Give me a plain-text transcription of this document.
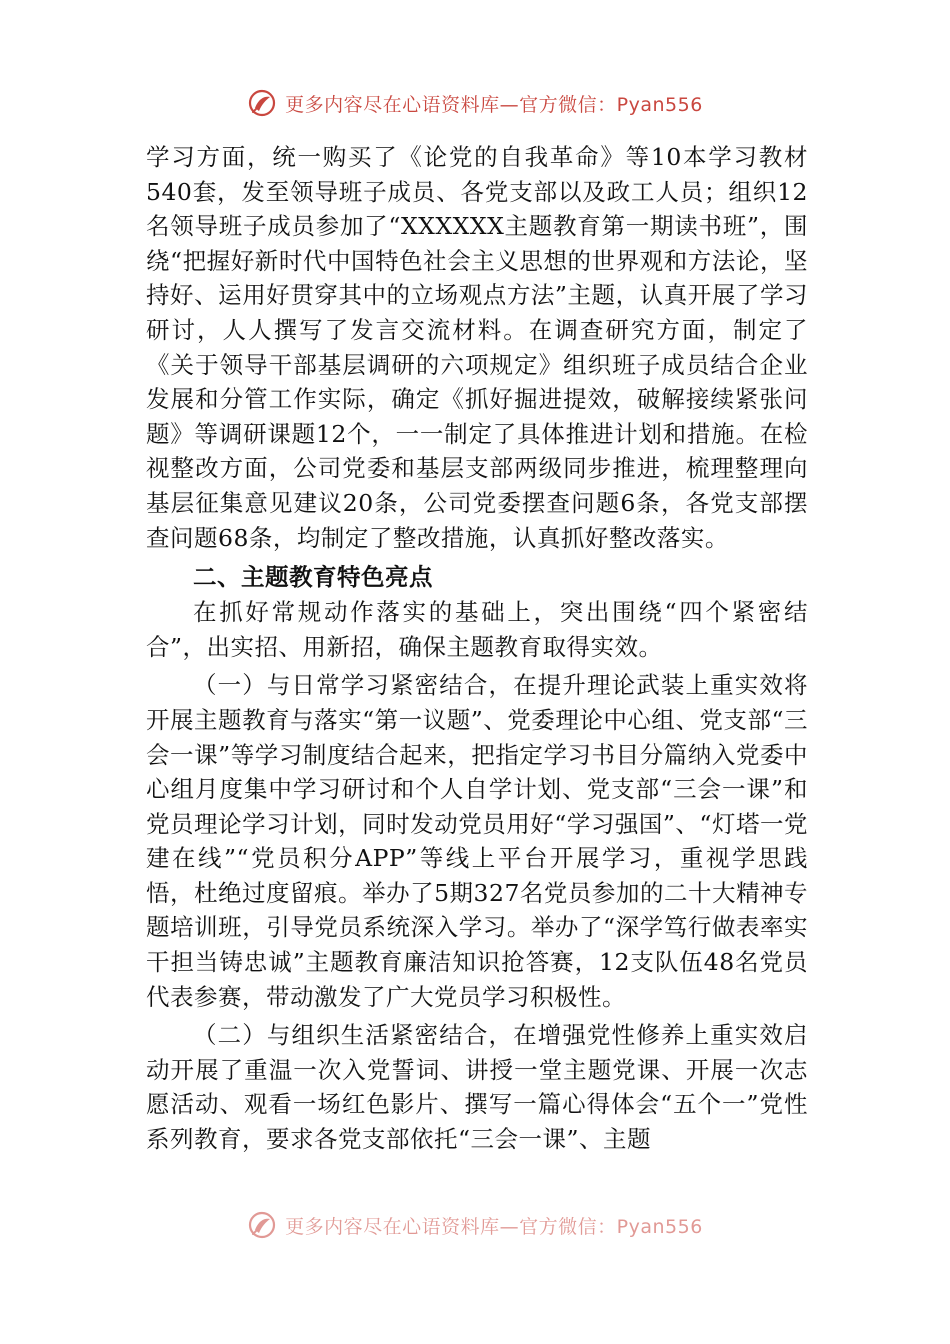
更多内容尽在心语资料库—官方微信：Pyan556

学习方面，统一购买了《论党的自我革命》等10本学习教材540套，发至领导班子成员、各党支部以及政工人员；组织12名领导班子成员参加了“XXXXXX主题教育第一期读书班”，围绕“把握好新时代中国特色社会主义思想的世界观和方法论，坚持好、运用好贯穿其中的立场观点方法”主题，认真开展了学习研讨，人人撰写了发言交流材料。在调查研究方面，制定了《关于领导干部基层调研的六项规定》组织班子成员结合企业发展和分管工作实际，确定《抓好掘进提效，破解接续紧张问题》等调研课题12个，一一制定了具体推进计划和措施。在检视整改方面，公司党委和基层支部两级同步推进，梳理整理向基层征集意见建议20条，公司党委摆查问题6条，各党支部摆查问题68条，均制定了整改措施，认真抓好整改落实。

二、主题教育特色亮点

在抓好常规动作落实的基础上，突出围绕“四个紧密结合”，出实招、用新招，确保主题教育取得实效。

（一）与日常学习紧密结合，在提升理论武装上重实效将开展主题教育与落实“第一议题”、党委理论中心组、党支部“三会一课”等学习制度结合起来，把指定学习书目分篇纳入党委中心组月度集中学习研讨和个人自学计划、党支部“三会一课”和党员理论学习计划，同时发动党员用好“学习强国”、“灯塔一党建在线”“党员积分APP”等线上平台开展学习，重视学思践悟，杜绝过度留痕。举办了5期327名党员参加的二十大精神专题培训班，引导党员系统深入学习。举办了“深学笃行做表率实干担当铸忠诚”主题教育廉洁知识抢答赛，12支队伍48名党员代表参赛，带动激发了广大党员学习积极性。

（二）与组织生活紧密结合，在增强党性修养上重实效启动开展了重温一次入党誓词、讲授一堂主题党课、开展一次志愿活动、观看一场红色影片、撰写一篇心得体会“五个一”党性系列教育，要求各党支部依托“三会一课”、主题

更多内容尽在心语资料库—官方微信：Pyan556
